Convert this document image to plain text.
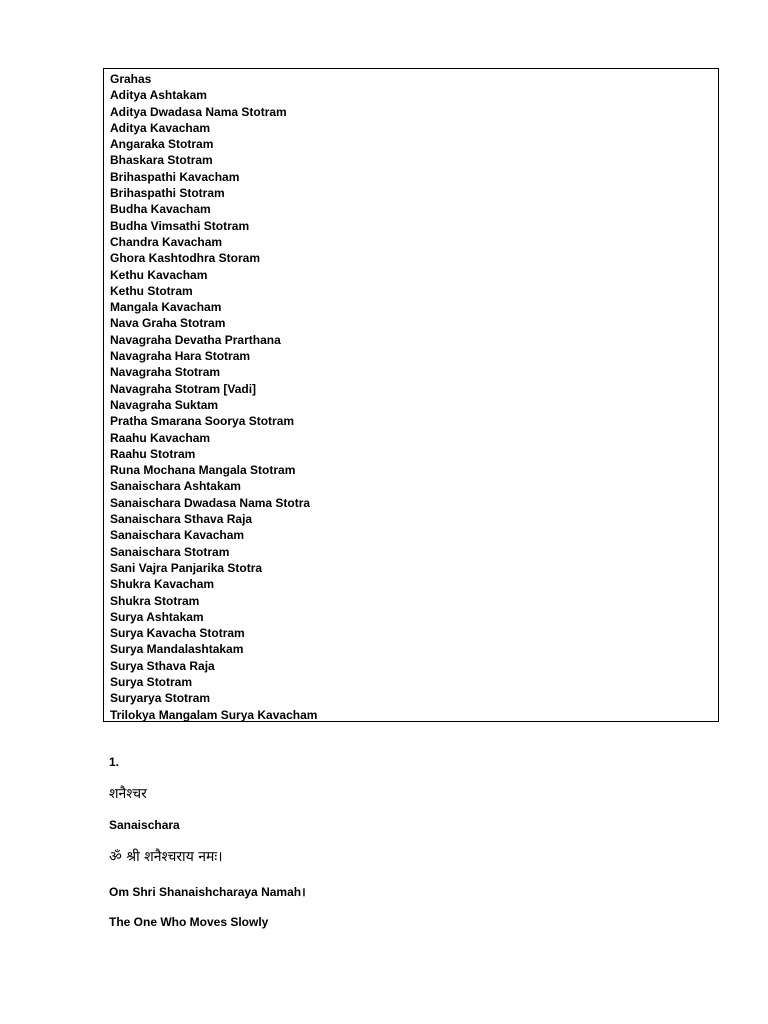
Grahas
Aditya Ashtakam
Aditya Dwadasa Nama Stotram
Aditya Kavacham
Angaraka Stotram
Bhaskara Stotram
Brihaspathi Kavacham
Brihaspathi Stotram
Budha Kavacham
Budha Vimsathi Stotram
Chandra Kavacham
Ghora Kashtodhra Storam
Kethu Kavacham
Kethu Stotram
Mangala Kavacham
Nava Graha Stotram
Navagraha Devatha Prarthana
Navagraha Hara Stotram
Navagraha Stotram
Navagraha Stotram [Vadi]
Navagraha Suktam
Pratha Smarana Soorya Stotram
Raahu Kavacham
Raahu Stotram
Runa Mochana Mangala Stotram
Sanaischara Ashtakam
Sanaischara Dwadasa Nama Stotra
Sanaischara Sthava Raja
Sanaischara Kavacham
Sanaischara Stotram
Sani Vajra Panjarika Stotra
Shukra Kavacham
Shukra Stotram
Surya Ashtakam
Surya Kavacha Stotram
Surya Mandalashtakam
Surya Sthava Raja
Surya Stotram
Suryarya Stotram
Trilokya Mangalam Surya Kavacham
1.
शनैश्चर
Sanaischara
ॐ श्री शनैश्चराय नमः।
Om Shri Shanaishcharaya Namah।
The One Who Moves Slowly
